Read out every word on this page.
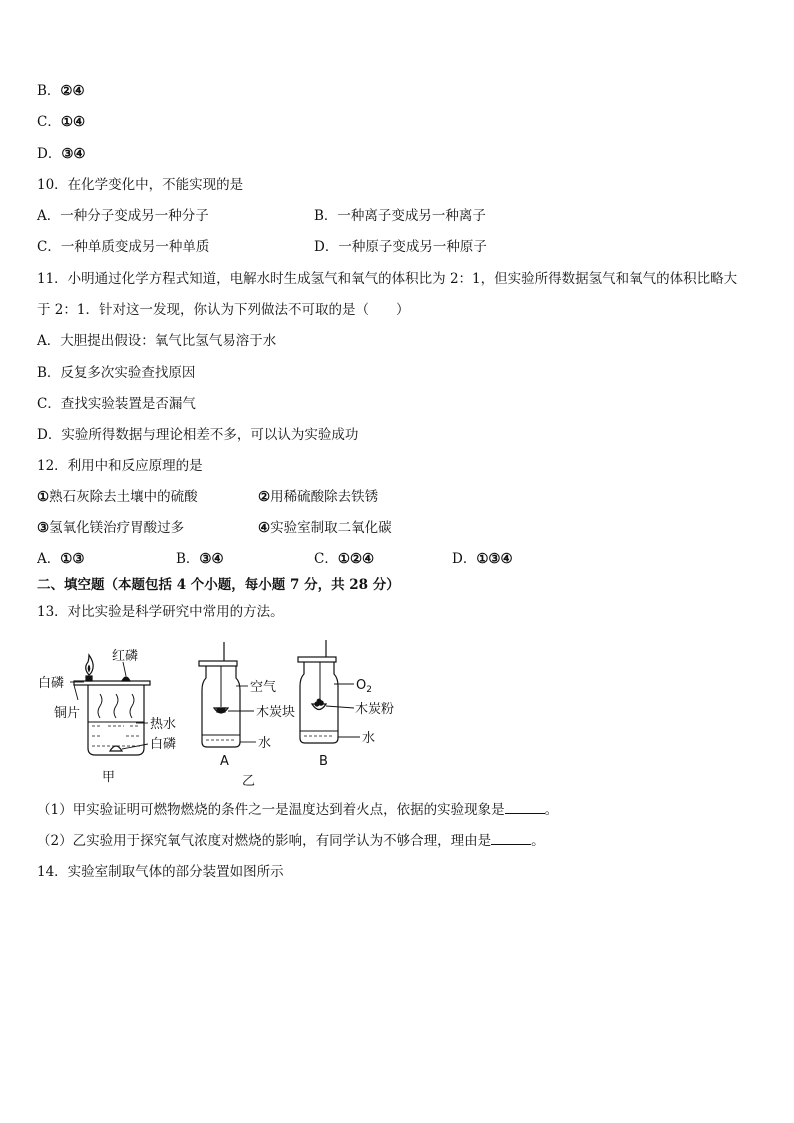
B．②④
C．①④
D．③④
10．在化学变化中，不能实现的是
A．一种分子变成另一种分子	B．一种离子变成另一种离子
C．一种单质变成另一种单质	D．一种原子变成另一种原子
11．小明通过化学方程式知道，电解水时生成氢气和氧气的体积比为 2：1，但实验所得数据氢气和氧气的体积比略大
于 2：1．针对这一发现，你认为下列做法不可取的是（　　）
A．大胆提出假设：氧气比氢气易溶于水
B．反复多次实验查找原因
C．查找实验装置是否漏气
D．实验所得数据与理论相差不多，可以认为实验成功
12．利用中和反应原理的是
①熟石灰除去土壤中的硫酸	②用稀硫酸除去铁锈
③氢氧化镁治疗胃酸过多	④实验室制取二氧化碳
A．①③	B．③④	C．①②④	D．①③④
二、填空题（本题包括 4 个小题，每小题 7 分，共 28 分）
13．对比实验是科学研究中常用的方法。
红磷
白磷
铜片
热水
白磷
甲
空气
木炭块
水
A
$O_2$
木炭粉
水
B
乙
（1）甲实验证明可燃物燃烧的条件之一是温度达到着火点，依据的实验现象是	。
（2）乙实验用于探究氧气浓度对燃烧的影响，有同学认为不够合理，理由是	。
14．实验室制取气体的部分装置如图所示
